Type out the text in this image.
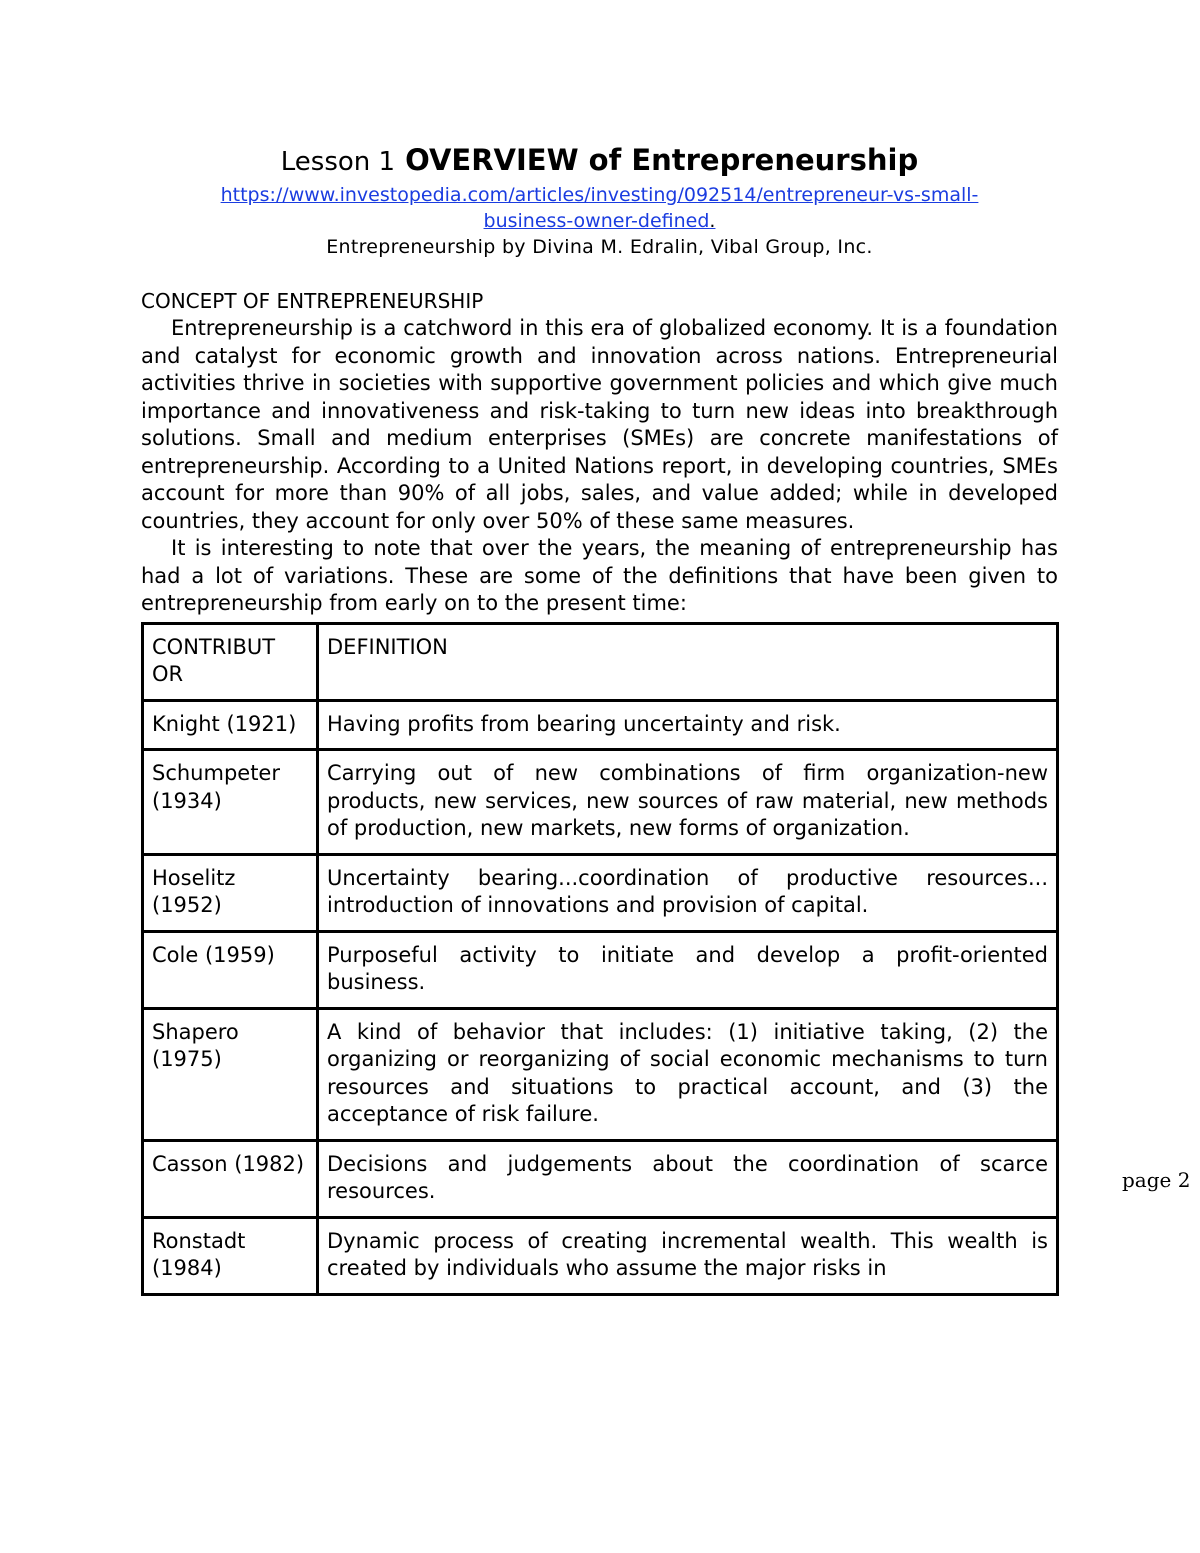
Lesson 1 OVERVIEW of Entrepreneurship

https://www.investopedia.com/articles/investing/092514/entrepreneur-vs-small-
business-owner-defined.

Entrepreneurship by Divina M. Edralin, Vibal Group, Inc.

CONCEPT OF ENTREPRENEURSHIP

Entrepreneurship is a catchword in this era of globalized economy. It is a foundation and catalyst for economic growth and innovation across nations. Entrepreneurial activities thrive in societies with supportive government policies and which give much importance and innovativeness and risk-taking to turn new ideas into breakthrough solutions. Small and medium enterprises (SMEs) are concrete manifestations of entrepreneurship. According to a United Nations report, in developing countries, SMEs account for more than 90% of all jobs, sales, and value added; while in developed countries, they account for only over 50% of these same measures.

It is interesting to note that over the years, the meaning of entrepreneurship has had a lot of variations. These are some of the definitions that have been given to entrepreneurship from early on to the present time:

CONTRIBUT OR	DEFINITION
Knight (1921)	Having profits from bearing uncertainty and risk.
Schumpeter (1934)	Carrying out of new combinations of firm organization-new products, new services, new sources of raw material, new methods of production, new markets, new forms of organization.
Hoselitz (1952)	Uncertainty bearing...coordination of productive resources... introduction of innovations and provision of capital.
Cole (1959)	Purposeful activity to initiate and develop a profit-oriented business.
Shapero (1975)	A kind of behavior that includes: (1) initiative taking, (2) the organizing or reorganizing of social economic mechanisms to turn resources and situations to practical account, and (3) the acceptance of risk failure.
Casson (1982)	Decisions and judgements about the coordination of scarce resources.
Ronstadt (1984)	Dynamic process of creating incremental wealth. This wealth is created by individuals who assume the major risks in
page 2
